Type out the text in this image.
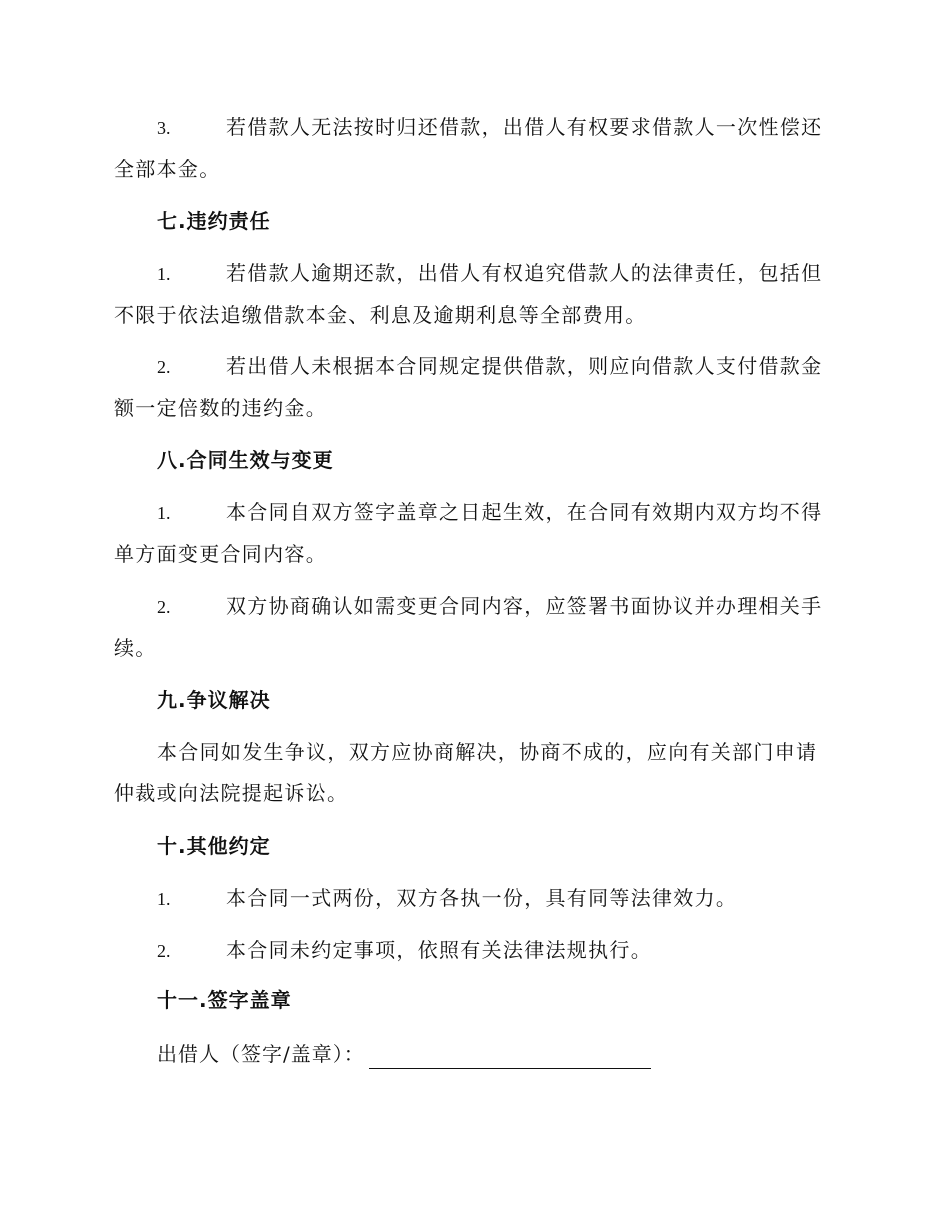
3.	若借款人无法按时归还借款，出借人有权要求借款人一次性偿还全部本金。

七.违约责任

1.	若借款人逾期还款，出借人有权追究借款人的法律责任，包括但不限于依法追缴借款本金、利息及逾期利息等全部费用。

2.	若出借人未根据本合同规定提供借款，则应向借款人支付借款金额一定倍数的违约金。

八.合同生效与变更

1.	本合同自双方签字盖章之日起生效，在合同有效期内双方均不得单方面变更合同内容。

2.	双方协商确认如需变更合同内容，应签署书面协议并办理相关手续。

九.争议解决

本合同如发生争议，双方应协商解决，协商不成的，应向有关部门申请仲裁或向法院提起诉讼。

十.其他约定

1.	本合同一式两份，双方各执一份，具有同等法律效力。

2.	本合同未约定事项，依照有关法律法规执行。

十一.签字盖章
出借人（签字/盖章）：
